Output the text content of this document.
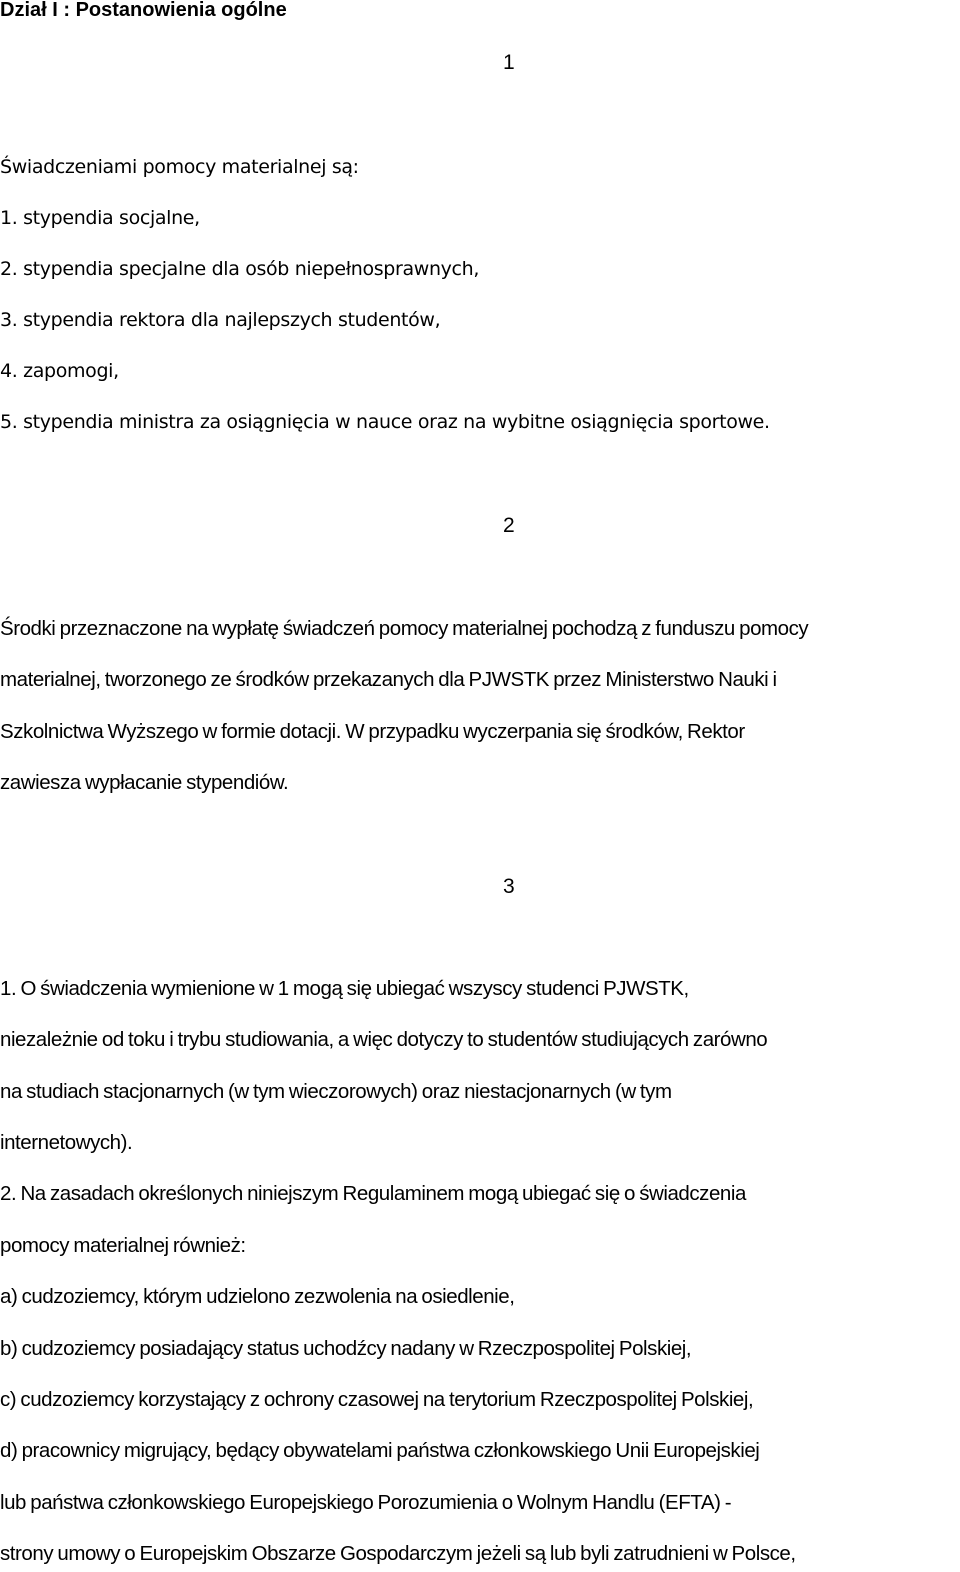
Dział I : Postanowienia ogólne

1

Świadczeniami pomocy materialnej są:

1. stypendia socjalne,

2. stypendia specjalne dla osób niepełnosprawnych,

3. stypendia rektora dla najlepszych studentów,

4. zapomogi,

5. stypendia ministra za osiągnięcia w nauce oraz na wybitne osiągnięcia sportowe.

2

Środki przeznaczone na wypłatę świadczeń pomocy materialnej pochodzą z funduszu pomocy

materialnej, tworzonego ze środków przekazanych dla PJWSTK przez Ministerstwo Nauki i

Szkolnictwa Wyższego w formie dotacji. W przypadku wyczerpania się środków, Rektor

zawiesza wypłacanie stypendiów.

3

1. O świadczenia wymienione w 1 mogą się ubiegać wszyscy studenci PJWSTK,

niezależnie od toku i trybu studiowania, a więc dotyczy to studentów studiujących zarówno

na studiach stacjonarnych (w tym wieczorowych) oraz niestacjonarnych (w tym

internetowych).

2. Na zasadach określonych niniejszym Regulaminem mogą ubiegać się o świadczenia

pomocy materialnej również:

a) cudzoziemcy, którym udzielono zezwolenia na osiedlenie,

b) cudzoziemcy posiadający status uchodźcy nadany w Rzeczpospolitej Polskiej,

c) cudzoziemcy korzystający z ochrony czasowej na terytorium Rzeczpospolitej Polskiej,

d) pracownicy migrujący, będący obywatelami państwa członkowskiego Unii Europejskiej

lub państwa członkowskiego Europejskiego Porozumienia o Wolnym Handlu (EFTA) -

strony umowy o Europejskim Obszarze Gospodarczym jeżeli są lub byli zatrudnieni w Polsce,
